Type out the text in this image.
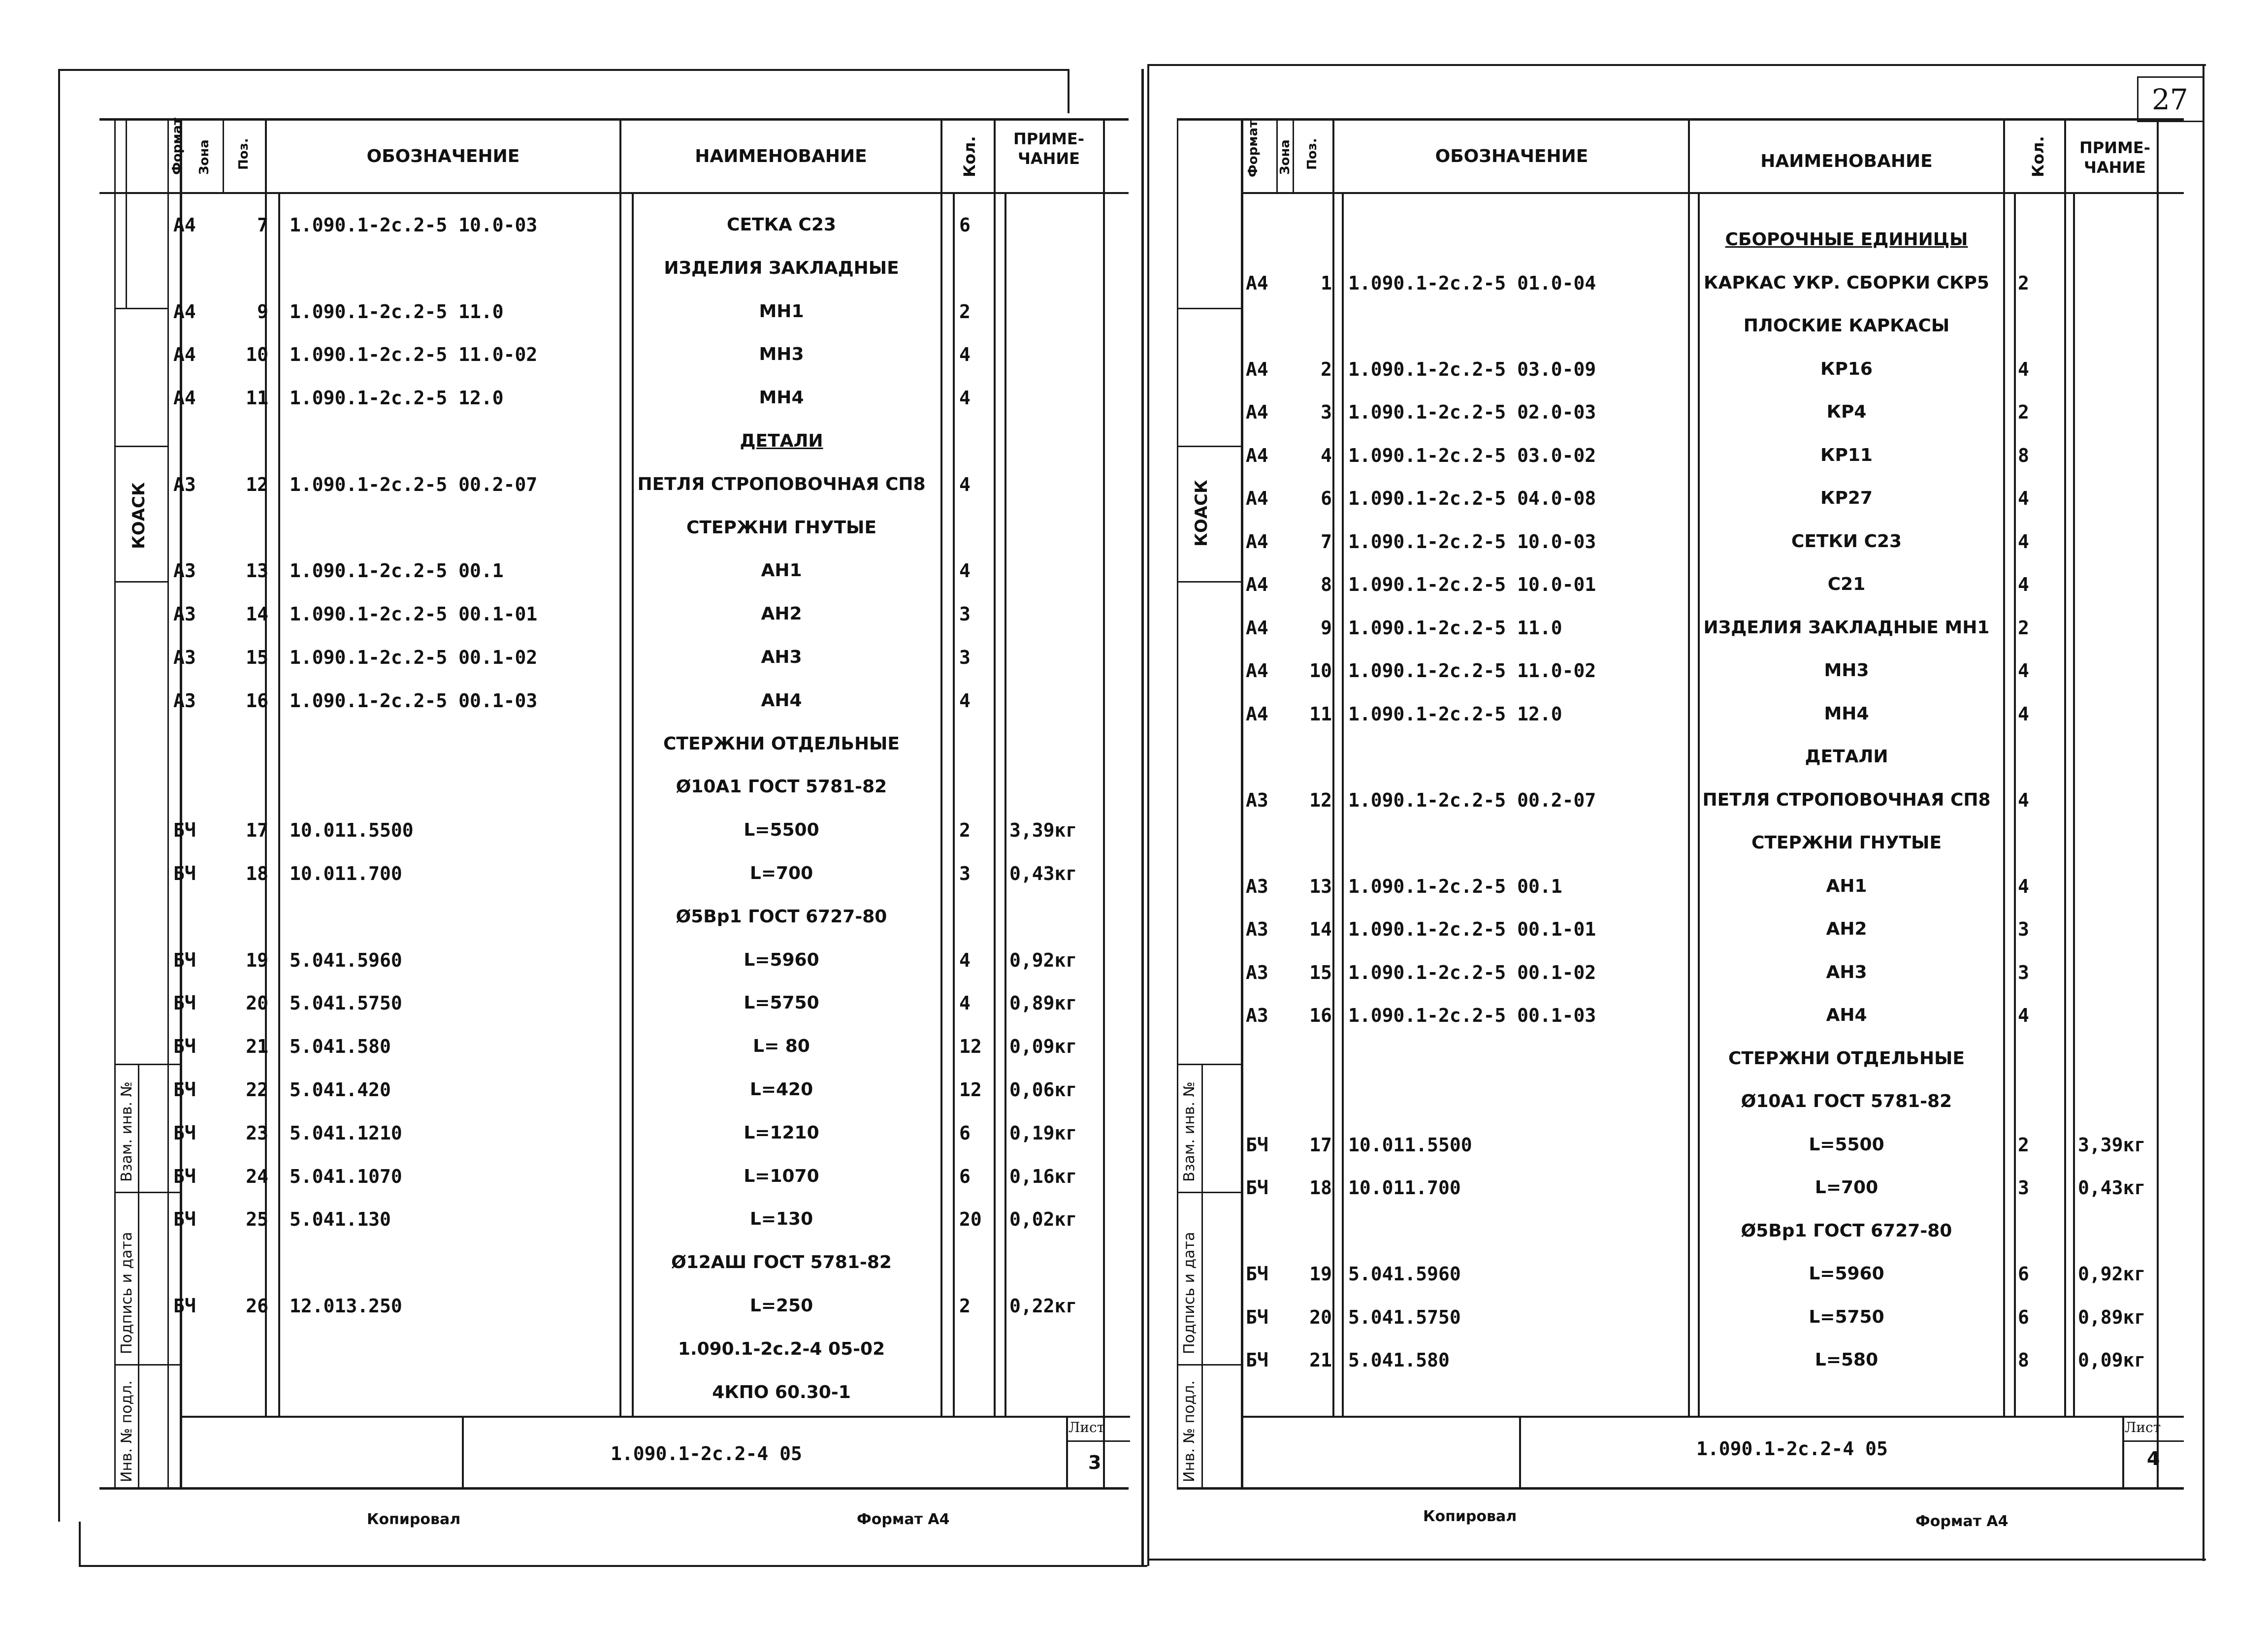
Формат Зона Поз.	ОБОЗНАЧЕНИЕ	НАИМЕНОВАНИЕ	Кол.	ПРИМЕ- ЧАНИЕ
А4	7 1.090.1-2с.2-5 10.0-03	СЕТКА С23	6
ИЗДЕЛИЯ ЗАКЛАДНЫЕ
А4	9 1.090.1-2с.2-5 11.0	МН1	2
А4	10 1.090.1-2с.2-5 11.0-02	МН3	4
А4	11 1.090.1-2с.2-5 12.0	МН4	4
ДЕТАЛИ
А3	12 1.090.1-2с.2-5 00.2-07	ПЕТЛЯ СТРОПОВОЧНАЯ СП8	4
СТЕРЖНИ ГНУТЫЕ
А3	13 1.090.1-2с.2-5 00.1	АН1	4
А3	14 1.090.1-2с.2-5 00.1-01	АН2	3
А3	15 1.090.1-2с.2-5 00.1-02	АН3	3
А3	16 1.090.1-2с.2-5 00.1-03	АН4	4
СТЕРЖНИ ОТДЕЛЬНЫЕ
Ø10А1 ГОСТ 5781-82
БЧ	17 10.011.5500	L=5500	2 3,39кг
БЧ	18 10.011.700	L=700	3 0,43кг
Ø5Вр1 ГОСТ 6727-80
БЧ	19 5.041.5960	L=5960	4 0,92кг
БЧ	20 5.041.5750	L=5750	4 0,89кг
БЧ	21 5.041.580	L= 80	12 0,09кг
БЧ	22 5.041.420	L=420	12 0,06кг
БЧ	23 5.041.1210	L=1210	6 0,19кг
БЧ	24 5.041.1070	L=1070	6 0,16кг
БЧ	25 5.041.130	L=130	20 0,02кг
Ø12АШ ГОСТ 5781-82
БЧ	26 12.013.250	L=250	2 0,22кг
1.090.1-2с.2-4 05-02
4КПО 60.30-1
КОАСК
Взам. инв. №
Подпись и дата
Инв. № подл.	1.090.1-2с.2-4 05
Лист
3
Копировал	Формат А4
27
Формат Зона Поз.	ОБОЗНАЧЕНИЕ	НАИМЕНОВАНИЕ	Кол.	ПРИМЕ- ЧАНИЕ
СБОРОЧНЫЕ ЕДИНИЦЫ
А4	1 1.090.1-2с.2-5 01.0-04	КАРКАС УКР. СБОРКИ СКР5	2
ПЛОСКИЕ КАРКАСЫ
А4	2 1.090.1-2с.2-5 03.0-09	КР16	4
А4	3 1.090.1-2с.2-5 02.0-03	КР4	2
А4	4 1.090.1-2с.2-5 03.0-02	КР11	8
А4	6 1.090.1-2с.2-5 04.0-08	КР27	4
А4	7 1.090.1-2с.2-5 10.0-03	СЕТКИ С23	4
А4	8 1.090.1-2с.2-5 10.0-01	С21	4
А4	9 1.090.1-2с.2-5 11.0	ИЗДЕЛИЯ ЗАКЛАДНЫЕ МН1	2
А4	10 1.090.1-2с.2-5 11.0-02	МН3	4
А4	11 1.090.1-2с.2-5 12.0	МН4	4
ДЕТАЛИ
А3	12 1.090.1-2с.2-5 00.2-07	ПЕТЛЯ СТРОПОВОЧНАЯ СП8	4
СТЕРЖНИ ГНУТЫЕ
А3	13 1.090.1-2с.2-5 00.1	АН1	4
А3	14 1.090.1-2с.2-5 00.1-01	АН2	3
А3	15 1.090.1-2с.2-5 00.1-02	АН3	3
А3	16 1.090.1-2с.2-5 00.1-03	АН4	4
СТЕРЖНИ ОТДЕЛЬНЫЕ
Ø10А1 ГОСТ 5781-82
БЧ	17 10.011.5500	L=5500	2	3,39кг
БЧ	18 10.011.700	L=700	3	0,43кг
Ø5Вр1 ГОСТ 6727-80
БЧ	19 5.041.5960	L=5960	6	0,92кг
БЧ	20 5.041.5750	L=5750	6	0,89кг
БЧ	21 5.041.580	L=580	8	0,09кг
КОАСК
Взам. инв. №
Подпись и дата
Инв. № подл.	1.090.1-2с.2-4 05
Лист
4
Копировал	Формат А4
